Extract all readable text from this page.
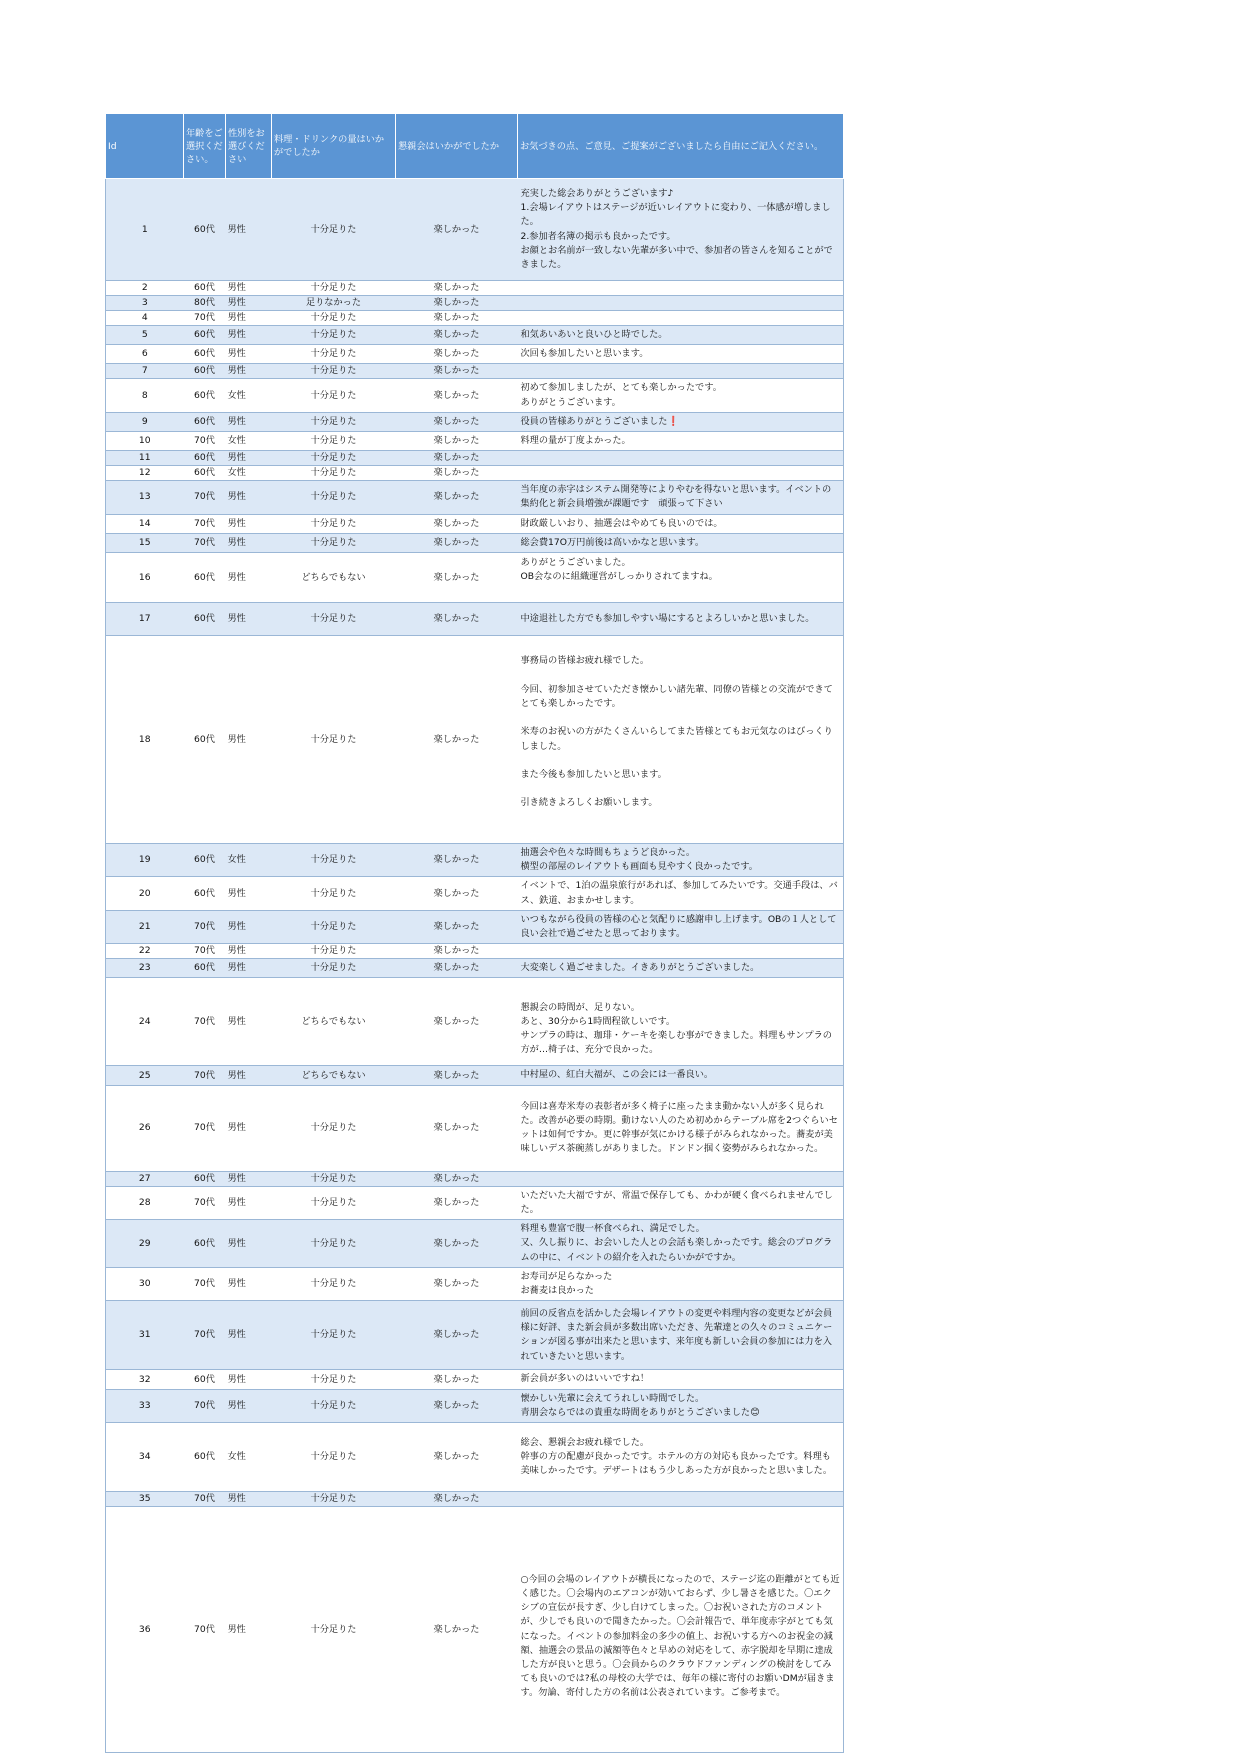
Id	年齢をご選択ください。	性別をお選びください	料理・ドリンクの量はいかがでしたか	懇親会はいかがでしたか	お気づきの点、ご意見、ご提案がございましたら自由にご記入ください。
1	60代	男性	十分足りた	楽しかった	充実した総会ありがとうございます♪
1.会場レイアウトはステージが近いレイアウトに変わり、一体感が増しました。
2.参加者名簿の掲示も良かったです。
お顔とお名前が一致しない先輩が多い中で、参加者の皆さんを知ることができました。
2	60代	男性	十分足りた	楽しかった	
3	80代	男性	足りなかった	楽しかった	
4	70代	男性	十分足りた	楽しかった	
5	60代	男性	十分足りた	楽しかった	和気あいあいと良いひと時でした。
6	60代	男性	十分足りた	楽しかった	次回も参加したいと思います。
7	60代	男性	十分足りた	楽しかった	
8	60代	女性	十分足りた	楽しかった	初めて参加しましたが、とても楽しかったです。
ありがとうございます。
9	60代	男性	十分足りた	楽しかった	役員の皆様ありがとうございました❗
10	70代	女性	十分足りた	楽しかった	料理の量が丁度よかった。
11	60代	男性	十分足りた	楽しかった	
12	60代	女性	十分足りた	楽しかった	
13	70代	男性	十分足りた	楽しかった	当年度の赤字はシステム開発等によりやむを得ないと思います。イベントの集約化と新会員増強が課題です　頑張って下さい
14	70代	男性	十分足りた	楽しかった	財政厳しいおり、抽選会はやめても良いのでは。
15	70代	男性	十分足りた	楽しかった	総会費17O万円前後は高いかなと思います。
16	60代	男性	どちらでもない	楽しかった	ありがとうございました。
OB会なのに組織運営がしっかりされてますね。

17	60代	男性	十分足りた	楽しかった	中途退社した方でも参加しやすい場にするとよろしいかと思いました。
18	60代	男性	十分足りた	楽しかった	事務局の皆様お疲れ様でした。

今回、初参加させていただき懐かしい諸先輩、同僚の皆様との交流ができてとても楽しかったです。

米寿のお祝いの方がたくさんいらしてまた皆様とてもお元気なのはびっくりしました。

また今後も参加したいと思います。

引き続きよろしくお願いします。

19	60代	女性	十分足りた	楽しかった	抽選会や色々な時間もちょうど良かった。
横型の部屋のレイアウトも画面も見やすく良かったです。
20	60代	男性	十分足りた	楽しかった	イベントで、1泊の温泉旅行があれば、参加してみたいです。交通手段は、バス、鉄道、おまかせします。
21	70代	男性	十分足りた	楽しかった	いつもながら役員の皆様の心と気配りに感謝申し上げます。OBの１人として良い会社で過ごせたと思っております。
22	70代	男性	十分足りた	楽しかった	
23	60代	男性	十分足りた	楽しかった	大変楽しく過ごせました。イきありがとうございました。
24	70代	男性	どちらでもない	楽しかった	
懇親会の時間が、足りない。
あと、30分から1時間程欲しいです。
サンプラの時は、珈琲・ケーキを楽しむ事ができました。料理もサンプラの方が…椅子は、充分で良かった。
25	70代	男性	どちらでもない	楽しかった	中村屋の、紅白大福が、この会には一番良い。
26	70代	男性	十分足りた	楽しかった	今回は喜寿米寿の表彰者が多く椅子に座ったまま動かない人が多く見られた。改善が必要の時期。動けない人のため初めからテーブル席を2つぐらいセットは如何ですか。更に幹事が気にかける様子がみられなかった。蕎麦が美味しいデス茶碗蒸しがありました。ドンドン掴く姿勢がみられなかった。
27	60代	男性	十分足りた	楽しかった	
28	70代	男性	十分足りた	楽しかった	いただいた大福ですが、常温で保存しても、かわが硬く食べられませんでした。
29	60代	男性	十分足りた	楽しかった	料理も豊富で腹一杯食べられ、満足でした。
又、久し振りに、お会いした人との会話も楽しかったです。総会のプログラムの中に、イベントの紹介を入れたらいかがですか。
30	70代	男性	十分足りた	楽しかった	お寿司が足らなかった
お蕎麦は良かった
31	70代	男性	十分足りた	楽しかった	前回の反省点を活かした会場レイアウトの変更や料理内容の変更などが会員様に好評、また新会員が多数出席いただき、先輩達との久々のコミュニケーションが図る事が出来たと思います、来年度も新しい会員の参加には力を入れていきたいと思います。
32	60代	男性	十分足りた	楽しかった	新会員が多いのはいいですね！
33	70代	男性	十分足りた	楽しかった	懐かしい先輩に会えてうれしい時間でした。
青朋会ならではの貴重な時間をありがとうございました😊
34	60代	女性	十分足りた	楽しかった	総会、懇親会お疲れ様でした。
幹事の方の配慮が良かったです。ホテルの方の対応も良かったです。料理も美味しかったです。デザートはもう少しあった方が良かったと思いました。
35	70代	男性	十分足りた	楽しかった	
36	70代	男性	十分足りた	楽しかった	

○今回の会場のレイアウトが横長になったので、ステージ迄の距離がとても近く感じた。〇会場内のエアコンが効いておらず、少し暑さを感じた。〇エクシブの宣伝が長すぎ、少し白けてしまった。〇お祝いされた方のコメントが、少しでも良いので聞きたかった。〇会計報告で、単年度赤字がとても気になった。イベントの参加料金の多少の値上、お祝いする方へのお祝金の減額、抽選会の景品の減額等色々と早めの対応をして、赤字脱却を早期に達成した方が良いと思う。〇会員からのクラウドファンディングの検討をしてみても良いのでは?私の母校の大学では、毎年の様に寄付のお願いDMが届きます。勿論、寄付した方の名前は公表されています。ご参考まで。
